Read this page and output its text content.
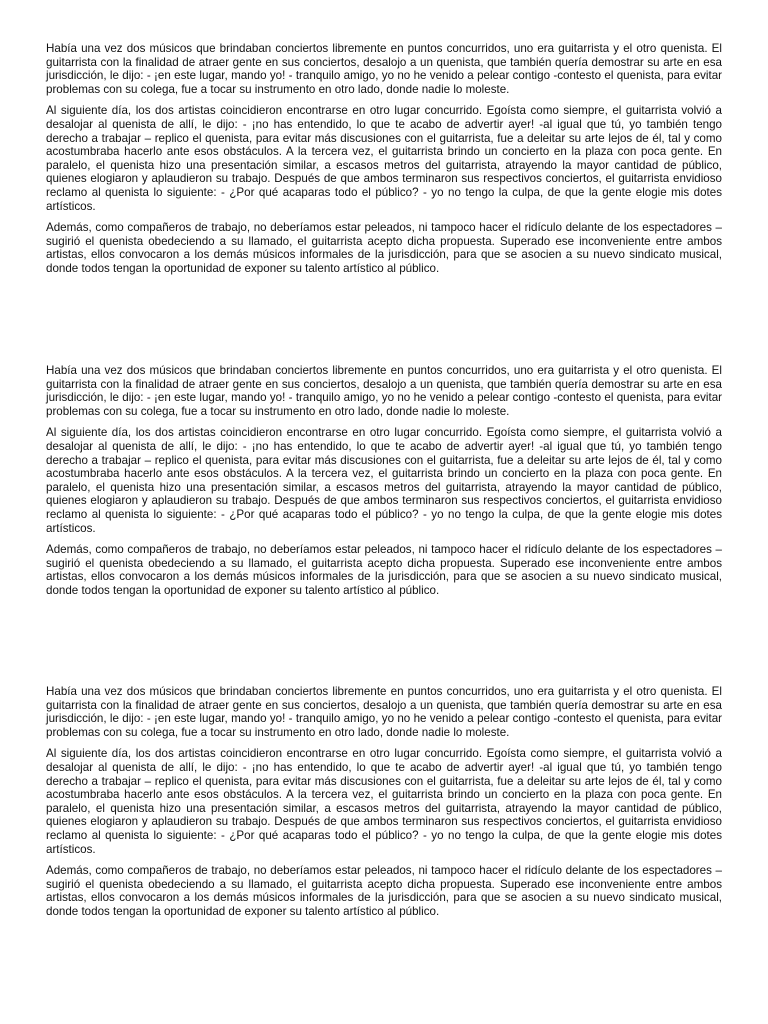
Había una vez dos músicos que brindaban conciertos libremente en puntos concurridos, uno era guitarrista y el otro quenista. El guitarrista con la finalidad de atraer gente en sus conciertos, desalojo a un quenista, que también quería demostrar su arte en esa jurisdicción, le dijo: - ¡en este lugar, mando yo! - tranquilo amigo, yo no he venido a pelear contigo -contesto el quenista, para evitar problemas con su colega, fue a tocar su instrumento en otro lado, donde nadie lo moleste.

Al siguiente día, los dos artistas coincidieron encontrarse en otro lugar concurrido. Egoísta como siempre, el guitarrista volvió a desalojar al quenista de allí, le dijo: - ¡no has entendido, lo que te acabo de advertir ayer! -al igual que tú, yo también tengo derecho a trabajar – replico el quenista, para evitar más discusiones con el guitarrista, fue a deleitar su arte lejos de él, tal y como acostumbraba hacerlo ante esos obstáculos. A la tercera vez, el guitarrista brindo un concierto en la plaza con poca gente. En paralelo, el quenista hizo una presentación similar, a escasos metros del guitarrista, atrayendo la mayor cantidad de público, quienes elogiaron y aplaudieron su trabajo. Después de que ambos terminaron sus respectivos conciertos, el guitarrista envidioso reclamo al quenista lo siguiente: - ¿Por qué acaparas todo el público? - yo no tengo la culpa, de que la gente elogie mis dotes artísticos.

Además, como compañeros de trabajo, no deberíamos estar peleados, ni tampoco hacer el ridículo delante de los espectadores – sugirió el quenista obedeciendo a su llamado, el guitarrista acepto dicha propuesta. Superado ese inconveniente entre ambos artistas, ellos convocaron a los demás músicos informales de la jurisdicción, para que se asocien a su nuevo sindicato musical, donde todos tengan la oportunidad de exponer su talento artístico al público.

Había una vez dos músicos que brindaban conciertos libremente en puntos concurridos, uno era guitarrista y el otro quenista. El guitarrista con la finalidad de atraer gente en sus conciertos, desalojo a un quenista, que también quería demostrar su arte en esa jurisdicción, le dijo: - ¡en este lugar, mando yo! - tranquilo amigo, yo no he venido a pelear contigo -contesto el quenista, para evitar problemas con su colega, fue a tocar su instrumento en otro lado, donde nadie lo moleste.

Al siguiente día, los dos artistas coincidieron encontrarse en otro lugar concurrido. Egoísta como siempre, el guitarrista volvió a desalojar al quenista de allí, le dijo: - ¡no has entendido, lo que te acabo de advertir ayer! -al igual que tú, yo también tengo derecho a trabajar – replico el quenista, para evitar más discusiones con el guitarrista, fue a deleitar su arte lejos de él, tal y como acostumbraba hacerlo ante esos obstáculos. A la tercera vez, el guitarrista brindo un concierto en la plaza con poca gente. En paralelo, el quenista hizo una presentación similar, a escasos metros del guitarrista, atrayendo la mayor cantidad de público, quienes elogiaron y aplaudieron su trabajo. Después de que ambos terminaron sus respectivos conciertos, el guitarrista envidioso reclamo al quenista lo siguiente: - ¿Por qué acaparas todo el público? - yo no tengo la culpa, de que la gente elogie mis dotes artísticos.

Además, como compañeros de trabajo, no deberíamos estar peleados, ni tampoco hacer el ridículo delante de los espectadores – sugirió el quenista obedeciendo a su llamado, el guitarrista acepto dicha propuesta. Superado ese inconveniente entre ambos artistas, ellos convocaron a los demás músicos informales de la jurisdicción, para que se asocien a su nuevo sindicato musical, donde todos tengan la oportunidad de exponer su talento artístico al público.

Había una vez dos músicos que brindaban conciertos libremente en puntos concurridos, uno era guitarrista y el otro quenista. El guitarrista con la finalidad de atraer gente en sus conciertos, desalojo a un quenista, que también quería demostrar su arte en esa jurisdicción, le dijo: - ¡en este lugar, mando yo! - tranquilo amigo, yo no he venido a pelear contigo -contesto el quenista, para evitar problemas con su colega, fue a tocar su instrumento en otro lado, donde nadie lo moleste.

Al siguiente día, los dos artistas coincidieron encontrarse en otro lugar concurrido. Egoísta como siempre, el guitarrista volvió a desalojar al quenista de allí, le dijo: - ¡no has entendido, lo que te acabo de advertir ayer! -al igual que tú, yo también tengo derecho a trabajar – replico el quenista, para evitar más discusiones con el guitarrista, fue a deleitar su arte lejos de él, tal y como acostumbraba hacerlo ante esos obstáculos. A la tercera vez, el guitarrista brindo un concierto en la plaza con poca gente. En paralelo, el quenista hizo una presentación similar, a escasos metros del guitarrista, atrayendo la mayor cantidad de público, quienes elogiaron y aplaudieron su trabajo. Después de que ambos terminaron sus respectivos conciertos, el guitarrista envidioso reclamo al quenista lo siguiente: - ¿Por qué acaparas todo el público? - yo no tengo la culpa, de que la gente elogie mis dotes artísticos.

Además, como compañeros de trabajo, no deberíamos estar peleados, ni tampoco hacer el ridículo delante de los espectadores – sugirió el quenista obedeciendo a su llamado, el guitarrista acepto dicha propuesta. Superado ese inconveniente entre ambos artistas, ellos convocaron a los demás músicos informales de la jurisdicción, para que se asocien a su nuevo sindicato musical, donde todos tengan la oportunidad de exponer su talento artístico al público.
